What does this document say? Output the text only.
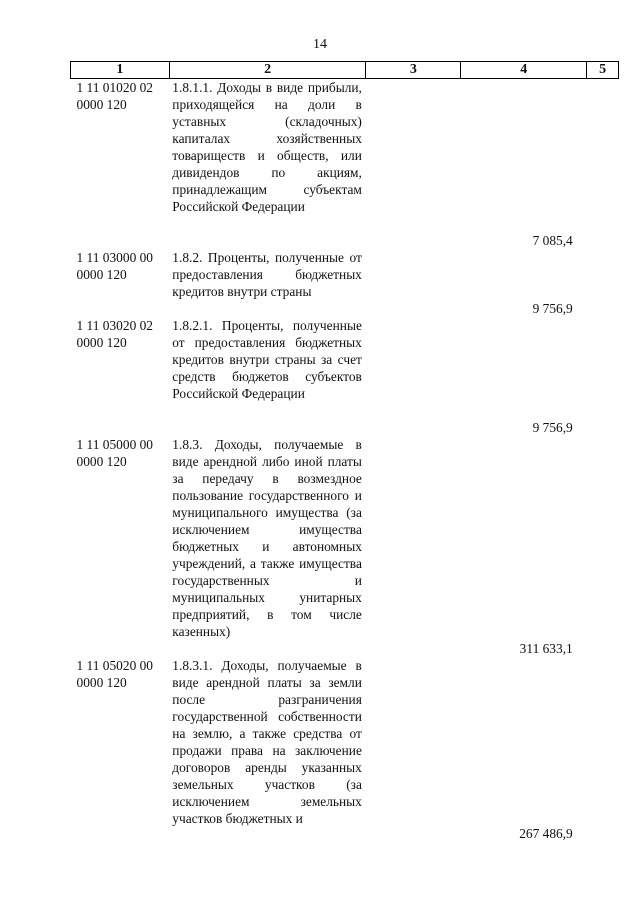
14
1	2	3	4	5

1 11 01020 02
0000 120	1.8.1.1. Доходы в виде прибыли, приходящейся на доли в уставных (складочных) капиталах хозяйственных товариществ и обществ, или дивидендов по акциям, принадлежащим субъектам Российской Федерации		7 085,4	

1 11 03000 00
0000 120	1.8.2. Проценты, полученные от предоставления бюджетных кредитов внутри страны		9 756,9	

1 11 03020 02
0000 120	1.8.2.1. Проценты, полученные от предоставления бюджетных кредитов внутри страны за счет средств бюджетов субъектов Российской Федерации		9 756,9	

1 11 05000 00
0000 120	1.8.3. Доходы, получаемые в виде арендной либо иной платы за передачу в возмездное пользование государственного и муниципального имущества (за исключением имущества бюджетных и автономных учреждений, а также имущества государственных и муниципальных унитарных предприятий, в том числе казенных)		311 633,1	

1 11 05020 00
0000 120	1.8.3.1. Доходы, получаемые в виде арендной платы за земли после разграничения государственной собственности на землю, а также средства от продажи права на заключение договоров аренды указанных земельных участков (за исключением земельных участков бюджетных и		267 486,9	
